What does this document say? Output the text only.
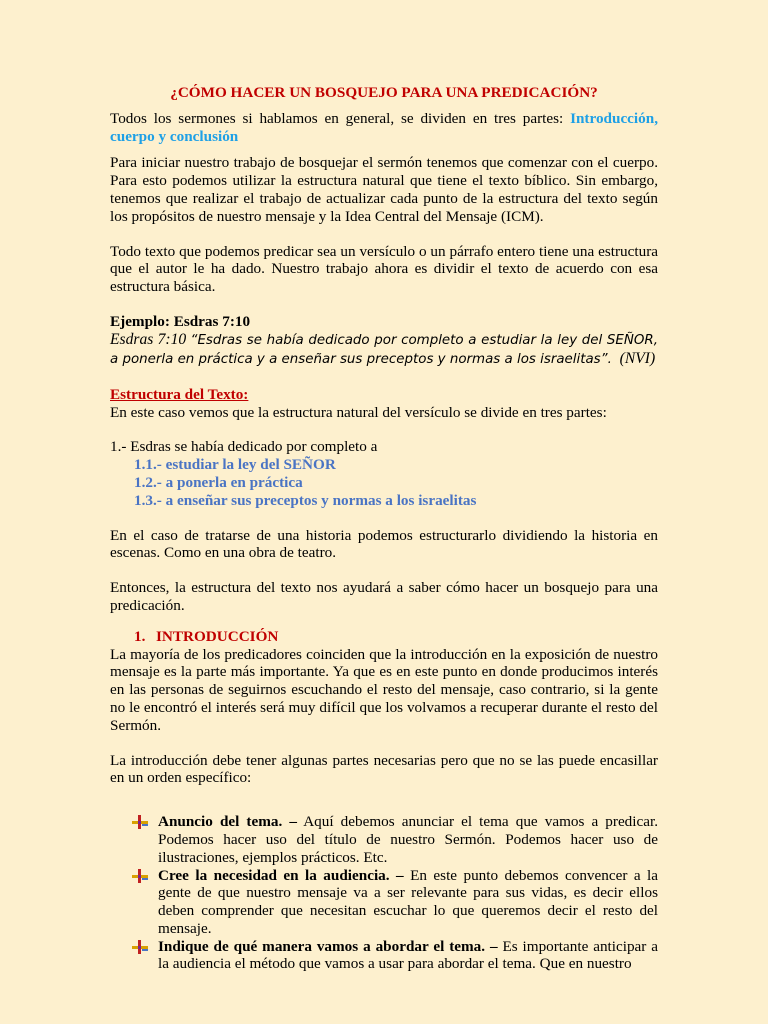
¿CÓMO HACER UN BOSQUEJO PARA UNA PREDICACIÓN?

Todos los sermones si hablamos en general, se dividen en tres partes: Introducción, cuerpo y conclusión

Para iniciar nuestro trabajo de bosquejar el sermón tenemos que comenzar con el cuerpo. Para esto podemos utilizar la estructura natural que tiene el texto bíblico. Sin embargo, tenemos que realizar el trabajo de actualizar cada punto de la estructura del texto según los propósitos de nuestro mensaje y la Idea Central del Mensaje (ICM).

Todo texto que podemos predicar sea un versículo o un párrafo entero tiene una estructura que el autor le ha dado. Nuestro trabajo ahora es dividir el texto de acuerdo con esa estructura básica.

Ejemplo: Esdras 7:10

Esdras 7:10 “Esdras se había dedicado por completo a estudiar la ley del SEÑOR, a ponerla en práctica y a enseñar sus preceptos y normas a los israelitas”. (NVI)

Estructura del Texto:

En este caso vemos que la estructura natural del versículo se divide en tres partes:

1.- Esdras se había dedicado por completo a

1.1.- estudiar la ley del SEÑOR

1.2.- a ponerla en práctica

1.3.- a enseñar sus preceptos y normas a los israelitas

En el caso de tratarse de una historia podemos estructurarlo dividiendo la historia en escenas. Como en una obra de teatro.

Entonces, la estructura del texto nos ayudará a saber cómo hacer un bosquejo para una predicación.

1. INTRODUCCIÓN

La mayoría de los predicadores coinciden que la introducción en la exposición de nuestro mensaje es la parte más importante. Ya que es en este punto en donde producimos interés en las personas de seguirnos escuchando el resto del mensaje, caso contrario, si la gente no le encontró el interés será muy difícil que los volvamos a recuperar durante el resto del Sermón.

La introducción debe tener algunas partes necesarias pero que no se las puede encasillar en un orden específico:

Anuncio del tema. – Aquí debemos anunciar el tema que vamos a predicar. Podemos hacer uso del título de nuestro Sermón. Podemos hacer uso de ilustraciones, ejemplos prácticos. Etc.
Cree la necesidad en la audiencia. – En este punto debemos convencer a la gente de que nuestro mensaje va a ser relevante para sus vidas, es decir ellos deben comprender que necesitan escuchar lo que queremos decir el resto del mensaje.
Indique de qué manera vamos a abordar el tema. – Es importante anticipar a la audiencia el método que vamos a usar para abordar el tema. Que en nuestro
